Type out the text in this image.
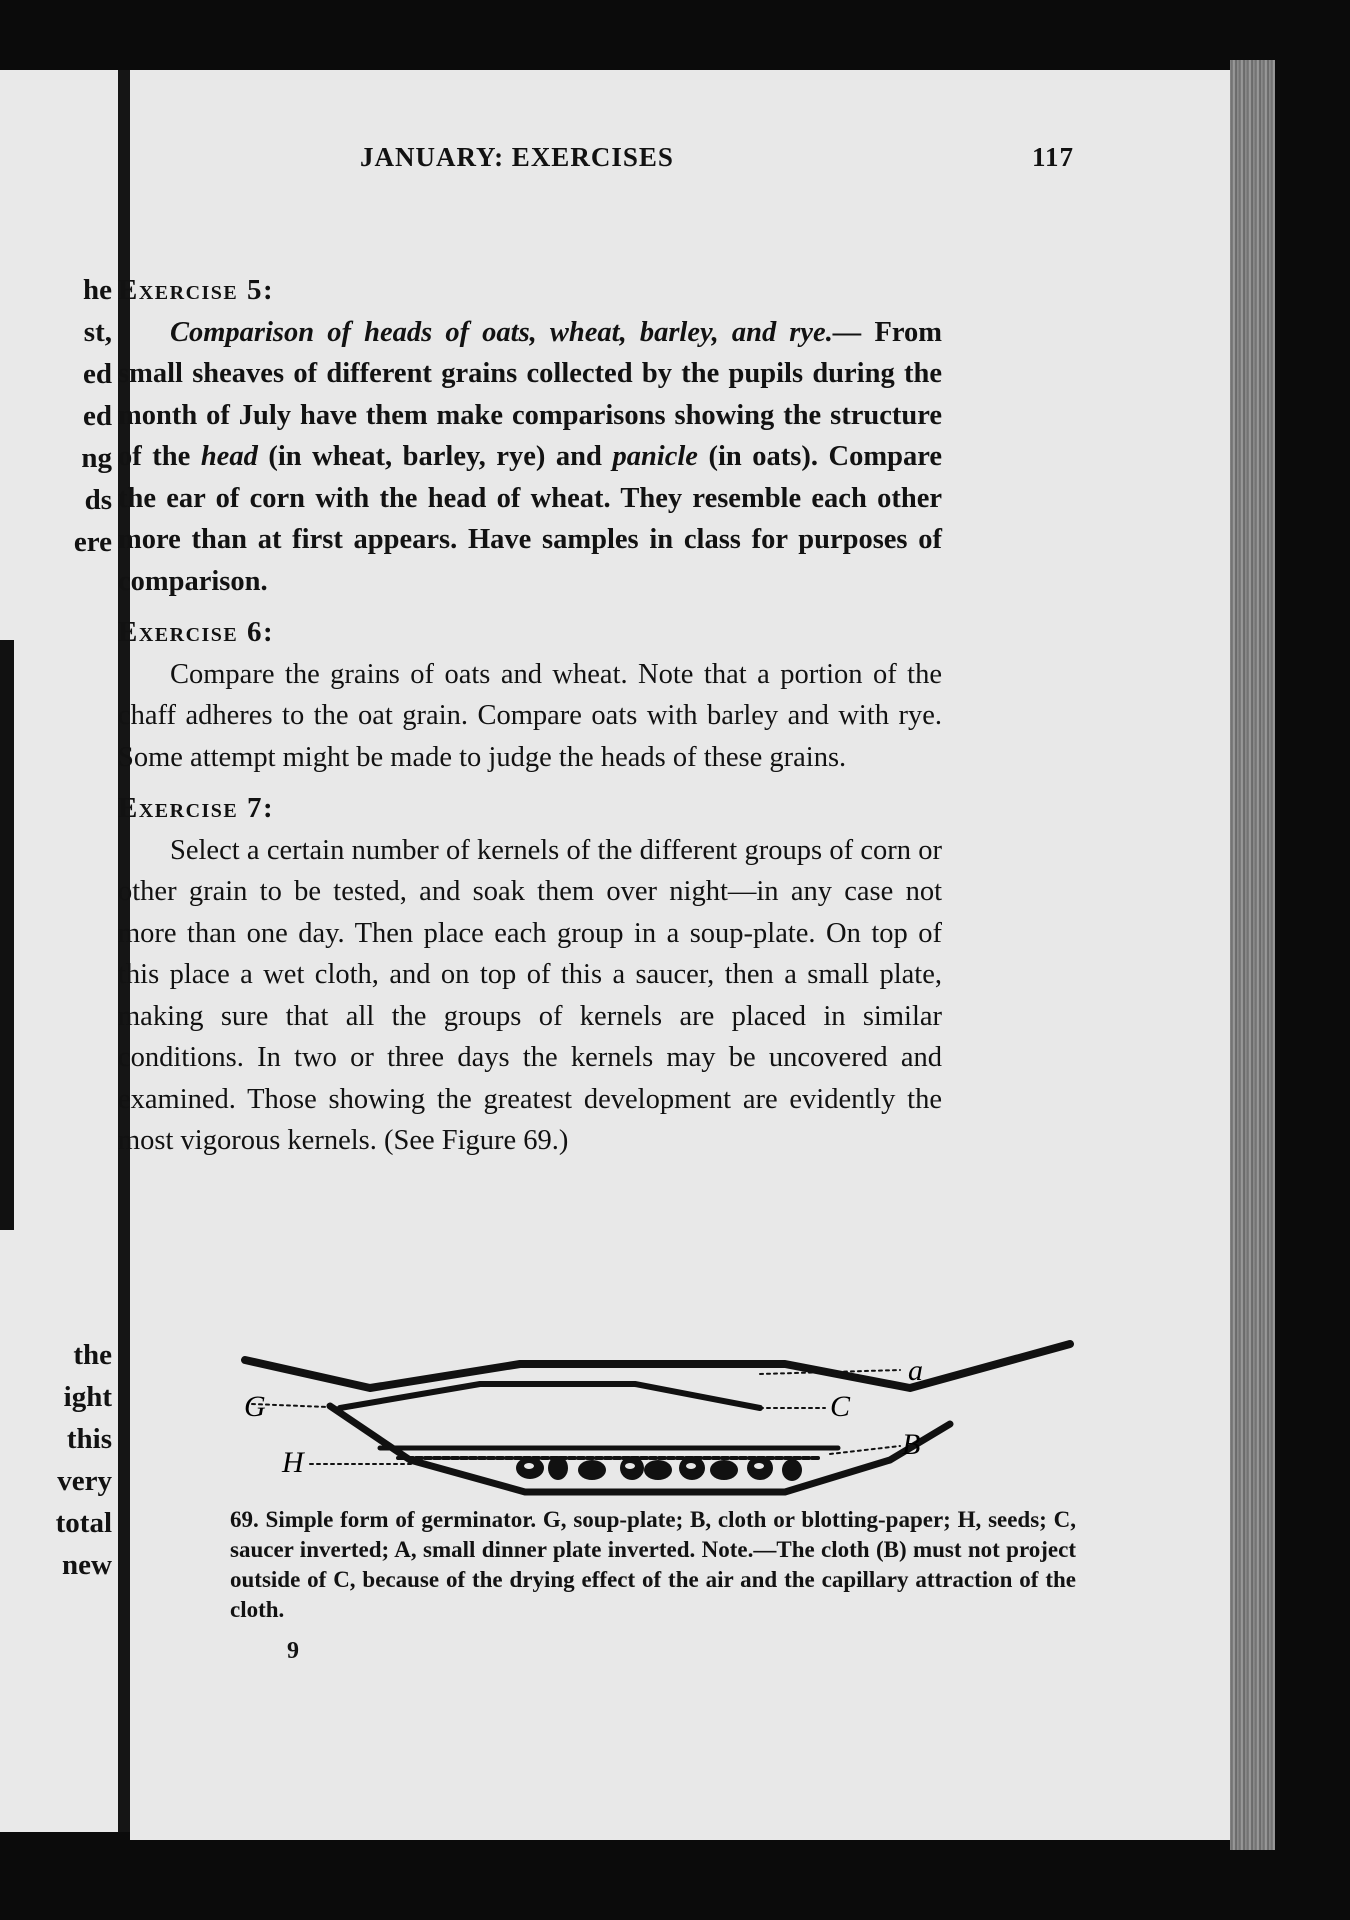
he
st,
ed
ed
ng
ds
ere
the
ight
this
very
total
new
JANUARY: EXERCISES	117

Exercise 5:

Comparison of heads of oats, wheat, barley, and rye.— From small sheaves of different grains collected by the pupils during the month of July have them make comparisons showing the structure of the head (in wheat, barley, rye) and panicle (in oats). Compare the ear of corn with the head of wheat. They resemble each other more than at first appears. Have samples in class for purposes of comparison.

Exercise 6:

Compare the grains of oats and wheat. Note that a portion of the chaff adheres to the oat grain. Compare oats with barley and with rye. Some attempt might be made to judge the heads of these grains.

Exercise 7:

Select a certain number of kernels of the different groups of corn or other grain to be tested, and soak them over night—in any case not more than one day. Then place each group in a soup-plate. On top of this place a wet cloth, and on top of this a saucer, then a small plate, making sure that all the groups of kernels are placed in similar conditions. In two or three days the kernels may be uncovered and examined. Those showing the greatest development are evidently the most vigorous kernels. (See Figure 69.)

a
G	C
H
B
69. Simple form of germinator. G, soup-plate; B, cloth or blotting-paper; H, seeds; C, saucer inverted; A, small dinner plate inverted. Note.—The cloth (B) must not project outside of C, because of the drying effect of the air and the capillary attraction of the cloth.
9
